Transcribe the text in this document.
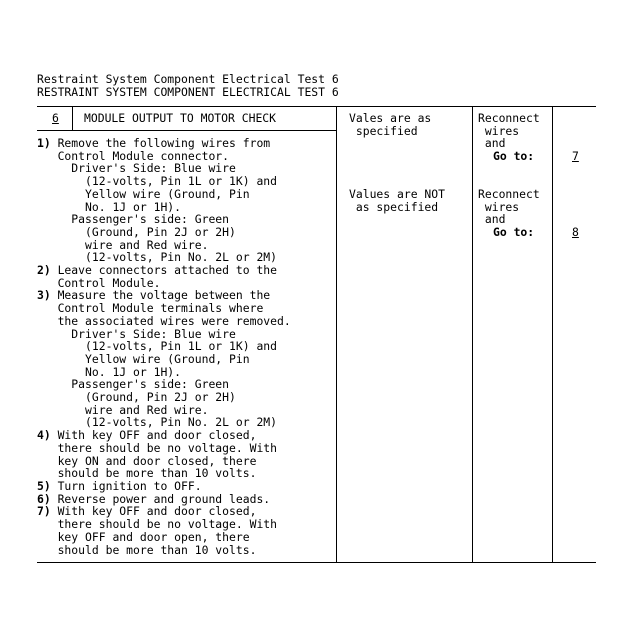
Restraint System Component Electrical Test 6
RESTRAINT SYSTEM COMPONENT ELECTRICAL TEST 6
6 MODULE OUTPUT TO MOTOR CHECK
1) Remove the following wires from
Control Module connector.
Driver's Side: Blue wire
(12-volts, Pin 1L or 1K) and
Yellow wire (Ground, Pin
No. 1J or 1H).
Passenger's side: Green
(Ground, Pin 2J or 2H)
wire and Red wire.
(12-volts, Pin No. 2L or 2M)
2) Leave connectors attached to the
Control Module.
3) Measure the voltage between the
Control Module terminals where
the associated wires were removed.
Driver's Side: Blue wire
(12-volts, Pin 1L or 1K) and
Yellow wire (Ground, Pin
No. 1J or 1H).
Passenger's side: Green
(Ground, Pin 2J or 2H)
wire and Red wire.
(12-volts, Pin No. 2L or 2M)
4) With key OFF and door closed,
there should be no voltage. With
key ON and door closed, there
should be more than 10 volts.
5) Turn ignition to OFF.
6) Reverse power and ground leads.
7) With key OFF and door closed,
there should be no voltage. With
key OFF and door open, there
should be more than 10 volts.
Vales are as
specified
Reconnect
wires
and
Go to:	7
Values are NOT
as specified
Reconnect
wires
and
Go to:	8
